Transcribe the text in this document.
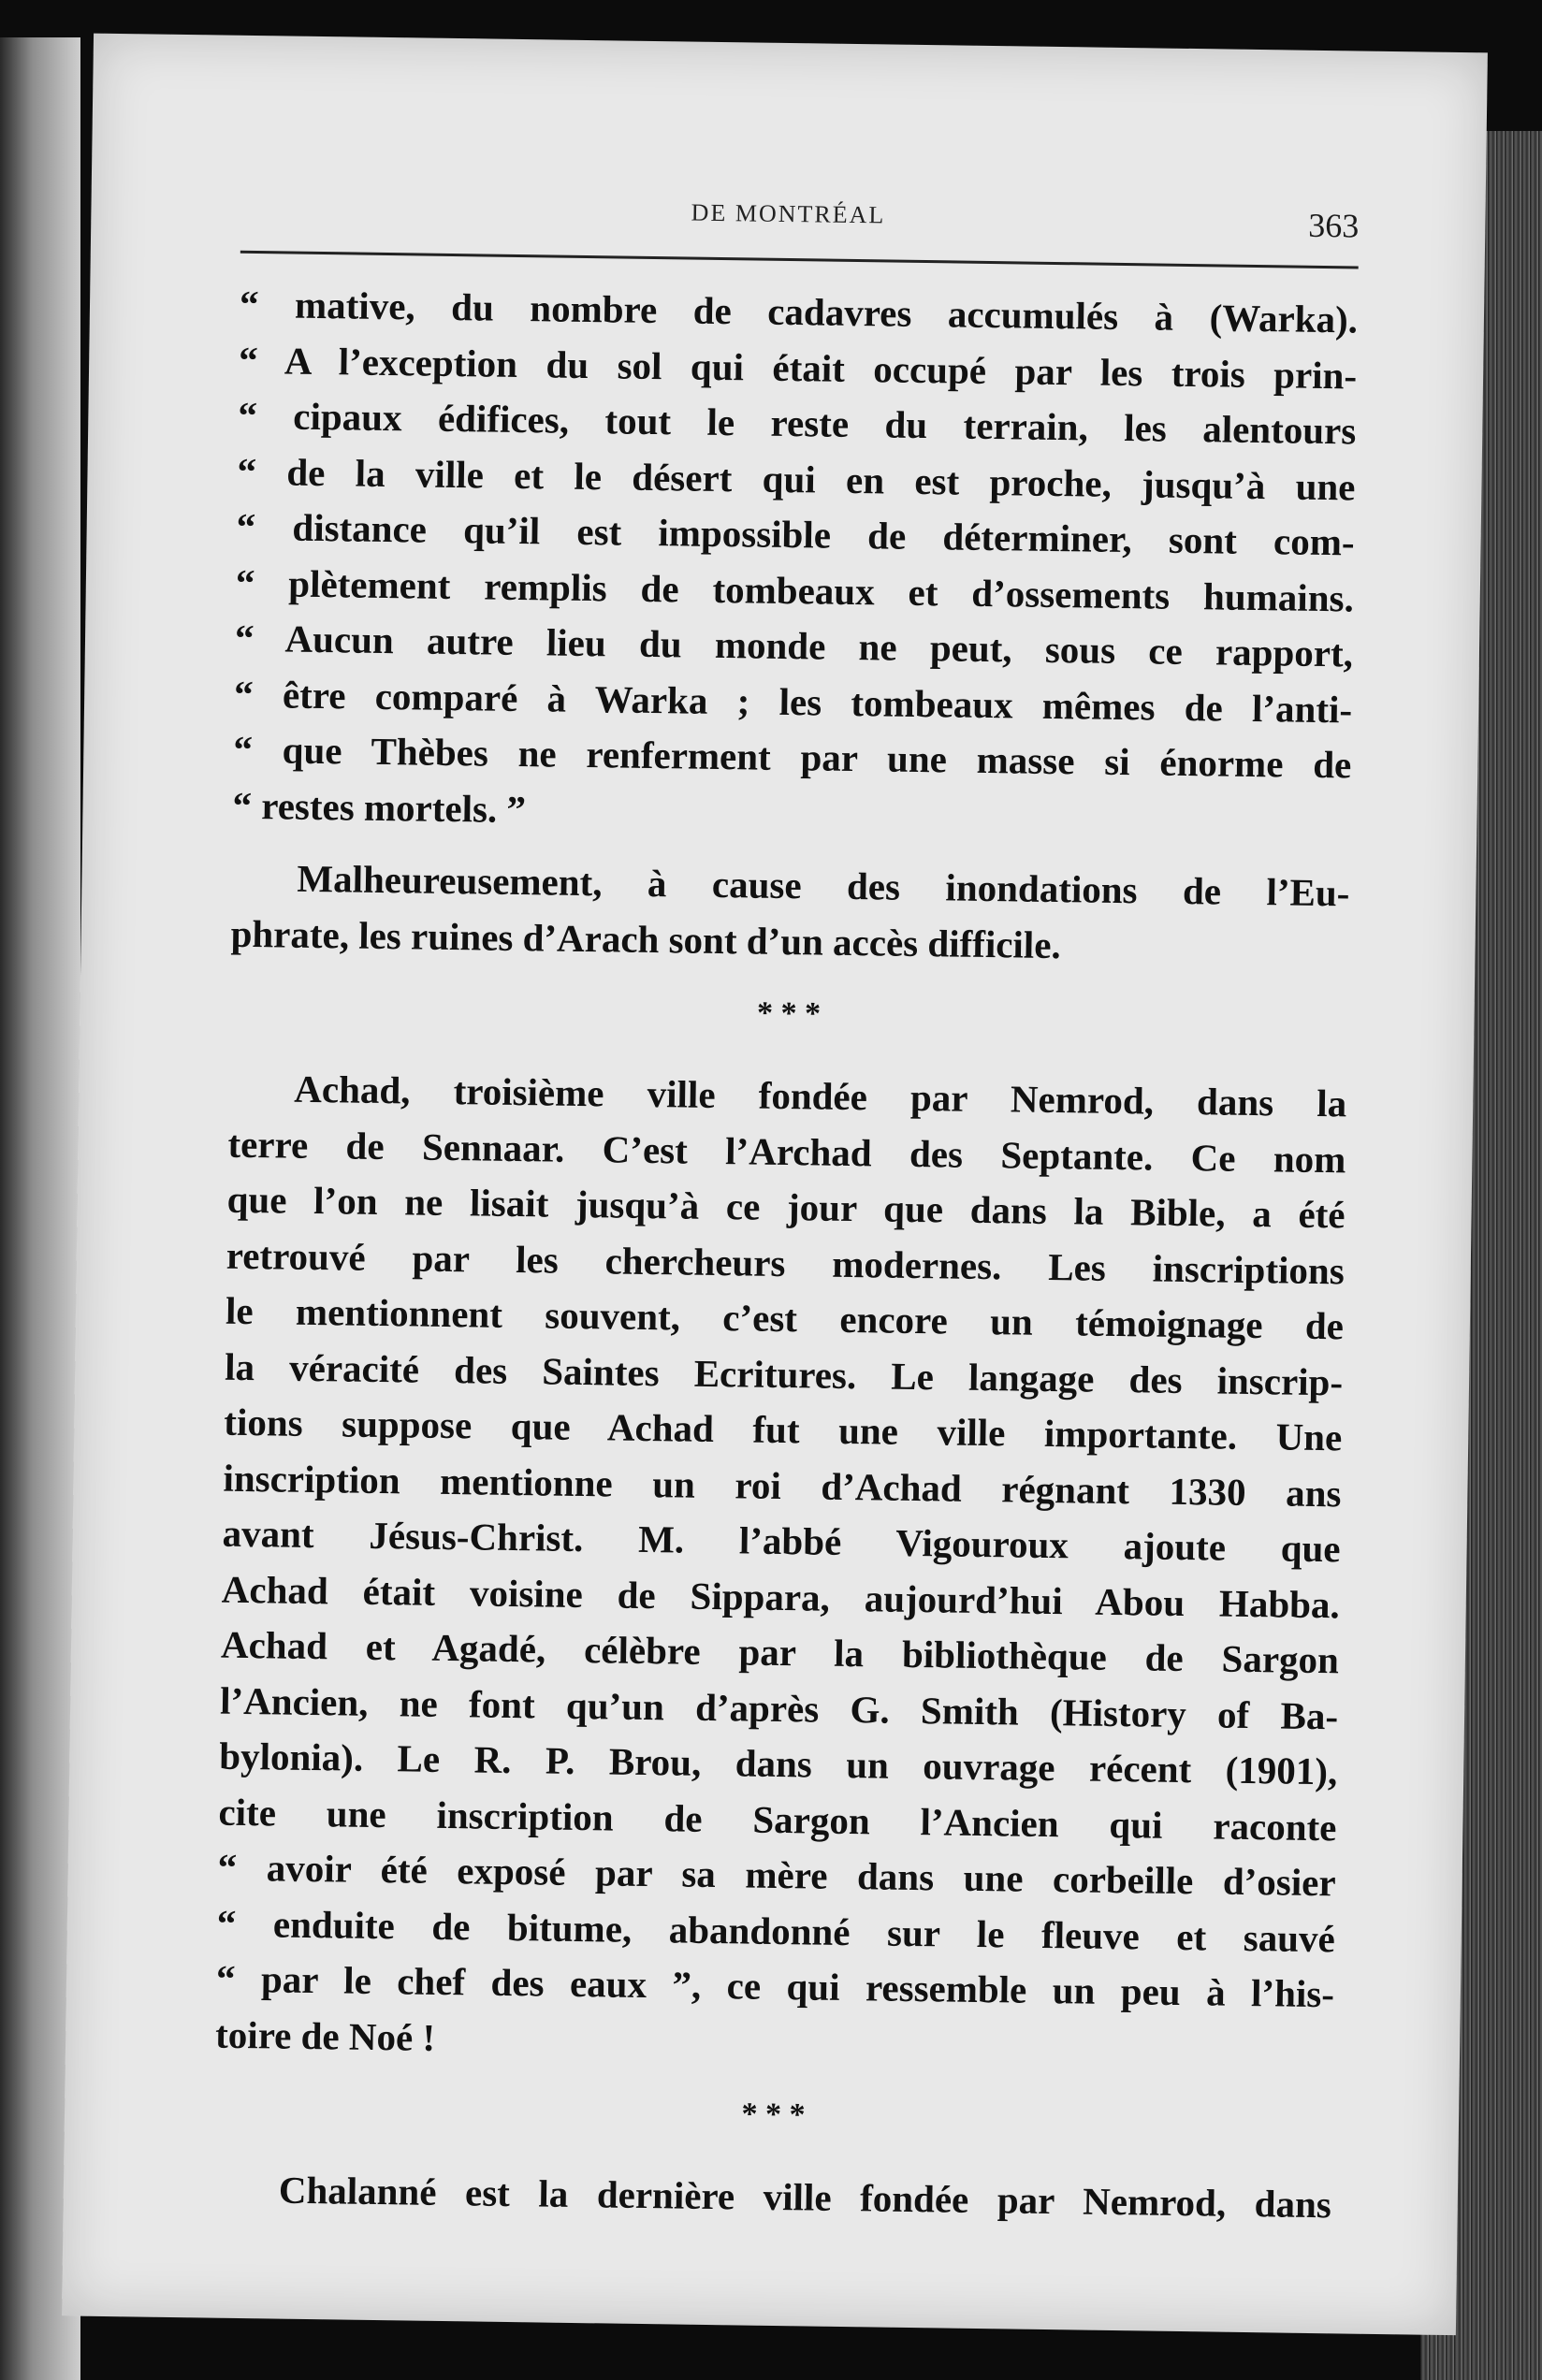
DE MONTRÉAL	363
“ mative, du nombre de cadavres accumulés à (Warka).
“ A l’exception du sol qui était occupé par les trois prin-
“ cipaux édifices, tout le reste du terrain, les alentours
“ de la ville et le désert qui en est proche, jusqu’à une
“ distance qu’il est impossible de déterminer, sont com-
“ plètement remplis de tombeaux et d’ossements humains.
“ Aucun autre lieu du monde ne peut, sous ce rapport,
“ être comparé à Warka ; les tombeaux mêmes de l’anti-
“ que Thèbes ne renferment par une masse si énorme de
“ restes mortels. ”
Malheureusement, à cause des inondations de l’Eu-
phrate, les ruines d’Arach sont d’un accès difficile.
* * *
Achad, troisième ville fondée par Nemrod, dans la
terre de Sennaar. C’est l’Archad des Septante. Ce nom
que l’on ne lisait jusqu’à ce jour que dans la Bible, a été
retrouvé par les chercheurs modernes. Les inscriptions
le mentionnent souvent, c’est encore un témoignage de
la véracité des Saintes Ecritures. Le langage des inscrip-
tions suppose que Achad fut une ville importante. Une
inscription mentionne un roi d’Achad régnant 1330 ans
avant Jésus-Christ. M. l’abbé Vigouroux ajoute que
Achad était voisine de Sippara, aujourd’hui Abou Habba.
Achad et Agadé, célèbre par la bibliothèque de Sargon
l’Ancien, ne font qu’un d’après G. Smith (History of Ba-
bylonia). Le R. P. Brou, dans un ouvrage récent (1901),
cite une inscription de Sargon l’Ancien qui raconte
“ avoir été exposé par sa mère dans une corbeille d’osier
“ enduite de bitume, abandonné sur le fleuve et sauvé
“ par le chef des eaux ”, ce qui ressemble un peu à l’his-
toire de Noé !
* * *
Chalanné est la dernière ville fondée par Nemrod, dans
